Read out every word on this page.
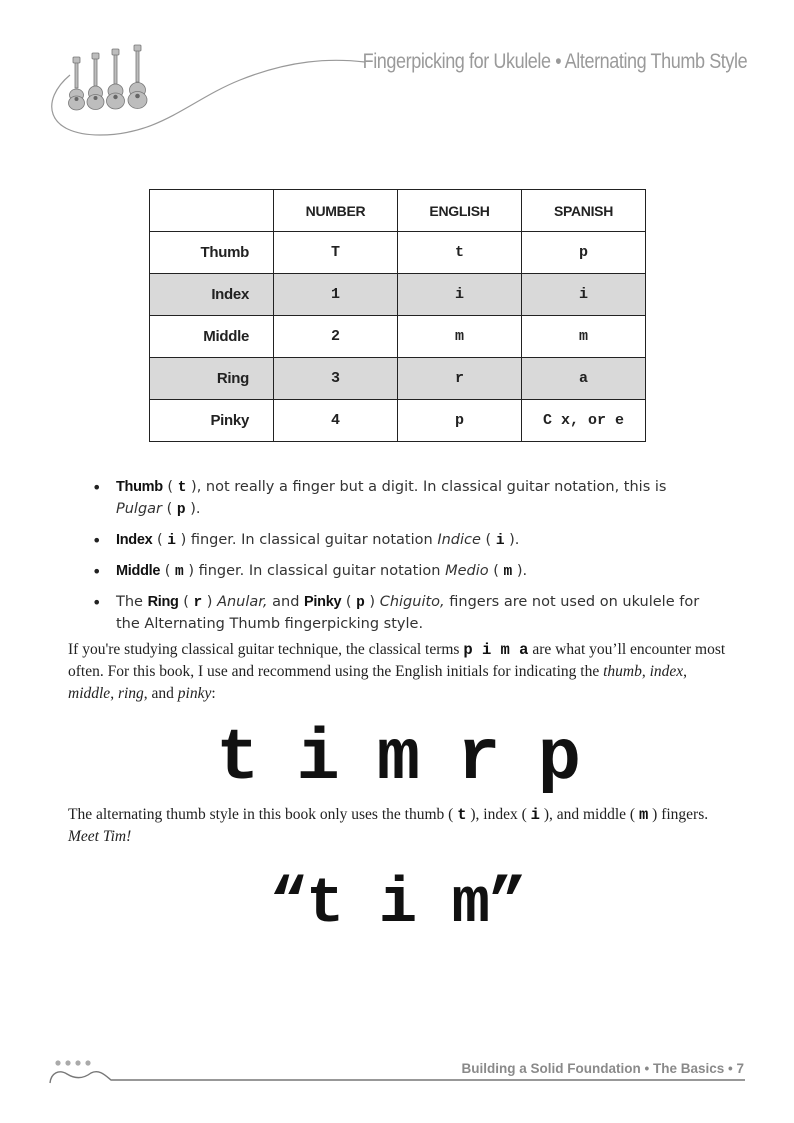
Fingerpicking for Ukulele • Alternating Thumb Style
	NUMBER	ENGLISH	SPANISH
Thumb	T	t	p
Index	1	i	i
Middle	2	m	m
Ring	3	r	a
Pinky	4	p	C x, or e
• Thumb ( t ), not really a finger but a digit. In classical guitar notation, this is Pulgar ( p ).
• Index ( i ) finger. In classical guitar notation Indice ( i ).
• Middle ( m ) finger. In classical guitar notation Medio ( m ).
• The Ring ( r ) Anular, and Pinky ( p ) Chiguito, fingers are not used on ukulele for the Alternating Thumb fingerpicking style.

If you're studying classical guitar technique, the classical terms p i m a are what you’ll encounter most often. For this book, I use and recommend using the English initials for indicating the thumb, index, middle, ring, and pinky:

t i m r p

The alternating thumb style in this book only uses the thumb ( t ), index ( i ), and middle ( m ) fingers. Meet Tim!

“t i m”
Building a Solid Foundation • The Basics • 7
